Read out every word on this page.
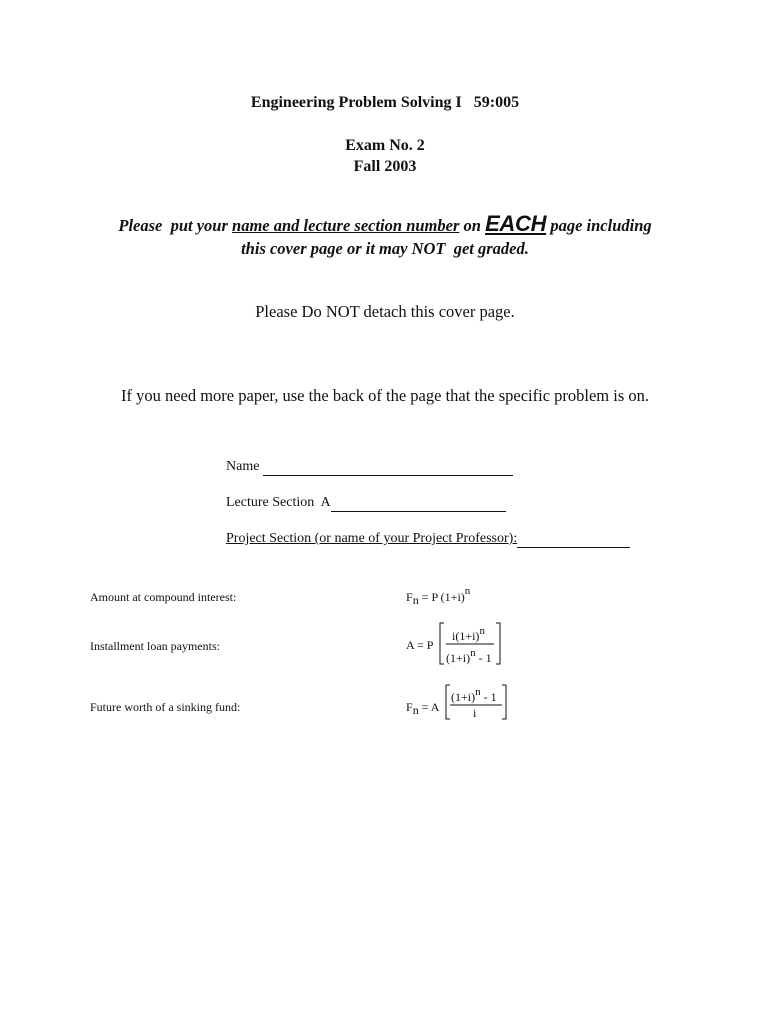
Engineering Problem Solving I   59:005
Exam No. 2
Fall 2003
Please  put your name and lecture section number on EACH page including
this cover page or it may NOT  get graded.
Please Do NOT detach this cover page.
If you need more paper, use the back of the page that the specific problem is on.
Name
Lecture Section  A
Project Section (or name of your Project Professor):
Amount at compound interest:
Installment loan payments:
Future worth of a sinking fund:
Fn = P (1+i)n
A = P
i(1+i)n
(1+i)n - 1
Fn = A
(1+i)n - 1
i
